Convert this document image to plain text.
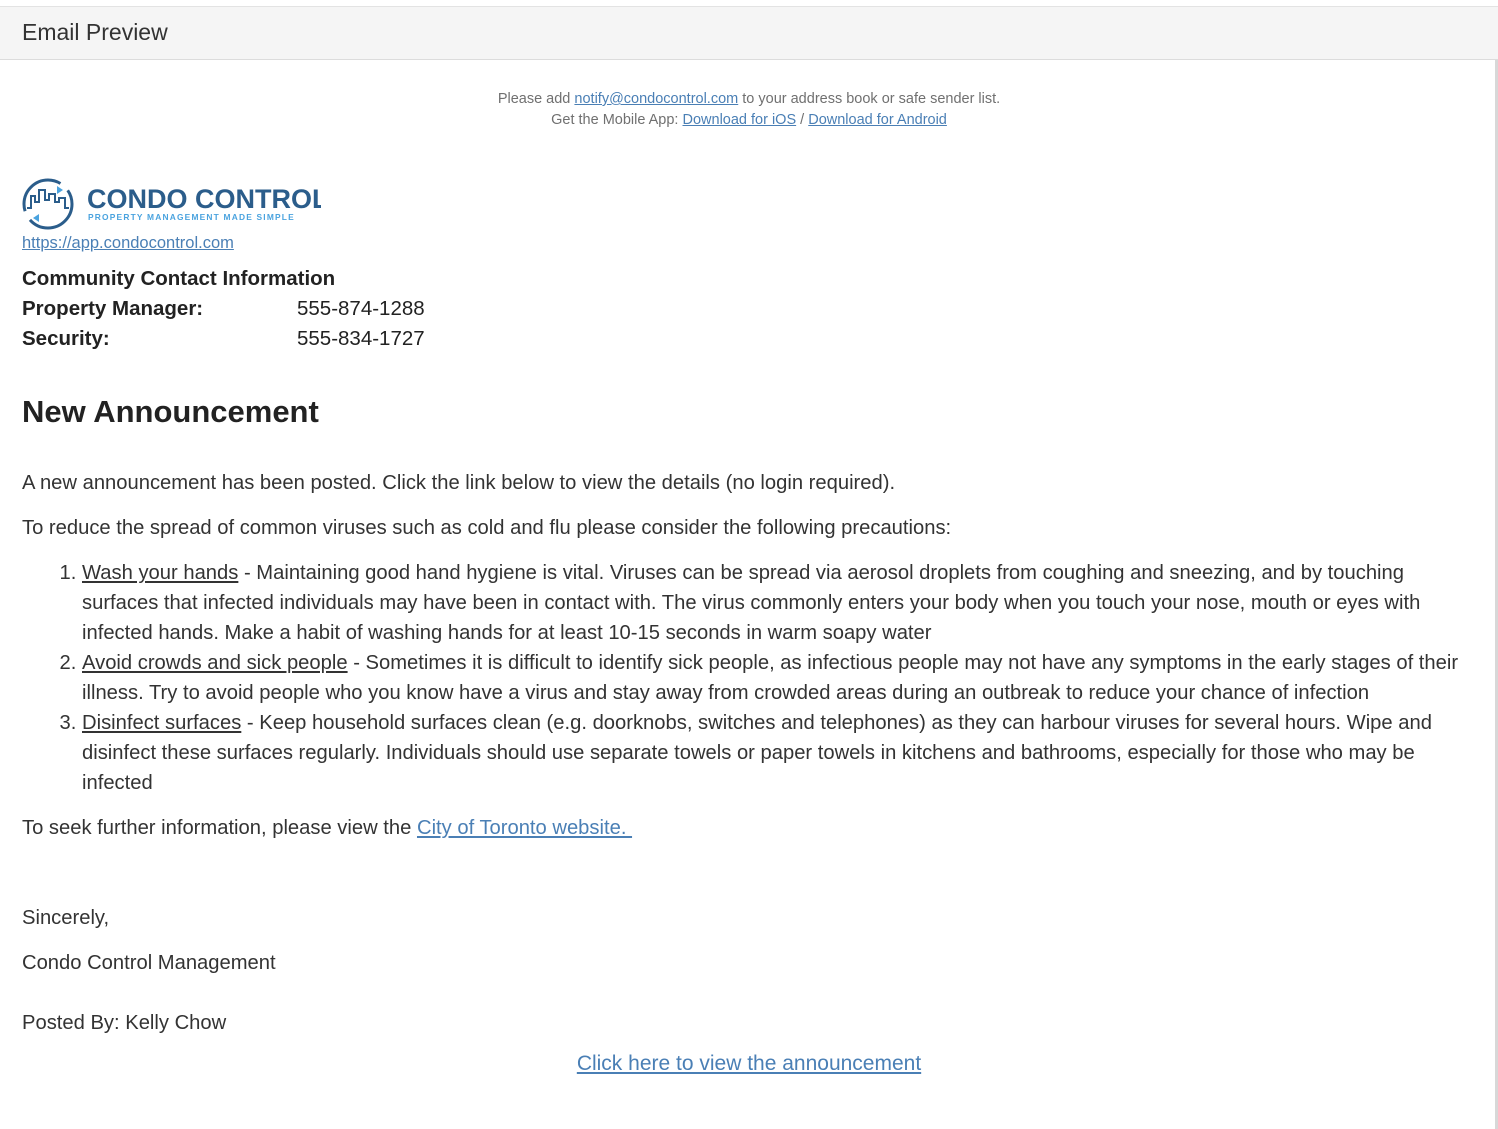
Email Preview
Please add notify@condocontrol.com to your address book or safe sender list.
Get the Mobile App: Download for iOS / Download for Android
CONDO CONTROL
PROPERTY MANAGEMENT MADE SIMPLE
https://app.condocontrol.com
Community Contact Information
Property Manager:	555-874-1288
Security:	555-834-1727
New Announcement

A new announcement has been posted. Click the link below to view the details (no login required).

To reduce the spread of common viruses such as cold and flu please consider the following precautions:

1. Wash your hands - Maintaining good hand hygiene is vital. Viruses can be spread via aerosol droplets from coughing and sneezing, and by touching surfaces that infected individuals may have been in contact with. The virus commonly enters your body when you touch your nose, mouth or eyes with infected hands. Make a habit of washing hands for at least 10-15 seconds in warm soapy water
2. Avoid crowds and sick people - Sometimes it is difficult to identify sick people, as infectious people may not have any symptoms in the early stages of their illness. Try to avoid people who you know have a virus and stay away from crowded areas during an outbreak to reduce your chance of infection
3. Disinfect surfaces - Keep household surfaces clean (e.g. doorknobs, switches and telephones) as they can harbour viruses for several hours. Wipe and disinfect these surfaces regularly. Individuals should use separate towels or paper towels in kitchens and bathrooms, especially for those who may be infected

To seek further information, please view the City of Toronto website.

Sincerely,

Condo Control Management

Posted By: Kelly Chow

Click here to view the announcement
